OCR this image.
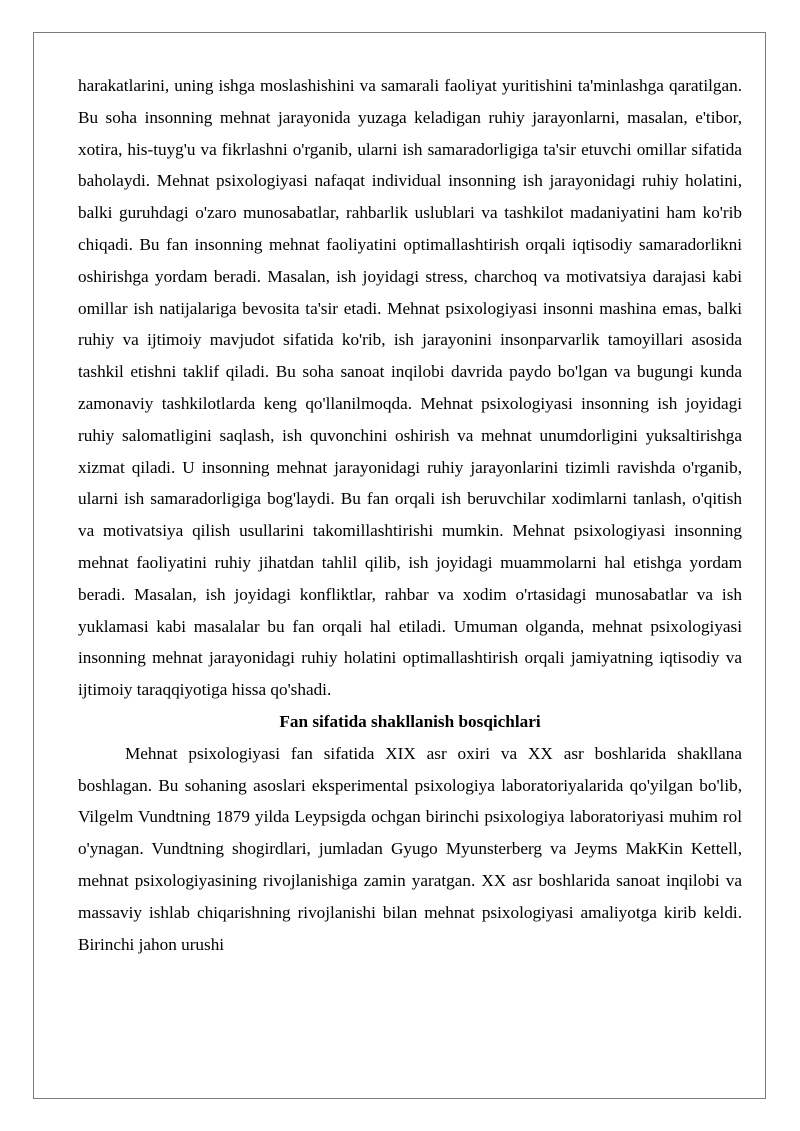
harakatlarini, uning ishga moslashishini va samarali faoliyat yuritishini ta'minlashga qaratilgan. Bu soha insonning mehnat jarayonida yuzaga keladigan ruhiy jarayonlarni, masalan, e'tibor, xotira, his-tuyg'u va fikrlashni o'rganib, ularni ish samaradorligiga ta'sir etuvchi omillar sifatida baholaydi. Mehnat psixologiyasi nafaqat individual insonning ish jarayonidagi ruhiy holatini, balki guruhdagi o'zaro munosabatlar, rahbarlik uslublari va tashkilot madaniyatini ham ko'rib chiqadi. Bu fan insonning mehnat faoliyatini optimallashtirish orqali iqtisodiy samaradorlikni oshirishga yordam beradi. Masalan, ish joyidagi stress, charchoq va motivatsiya darajasi kabi omillar ish natijalariga bevosita ta'sir etadi. Mehnat psixologiyasi insonni mashina emas, balki ruhiy va ijtimoiy mavjudot sifatida ko'rib, ish jarayonini insonparvarlik tamoyillari asosida tashkil etishni taklif qiladi. Bu soha sanoat inqilobi davrida paydo bo'lgan va bugungi kunda zamonaviy tashkilotlarda keng qo'llanilmoqda. Mehnat psixologiyasi insonning ish joyidagi ruhiy salomatligini saqlash, ish quvonchini oshirish va mehnat unumdorligini yuksaltirishga xizmat qiladi. U insonning mehnat jarayonidagi ruhiy jarayonlarini tizimli ravishda o'rganib, ularni ish samaradorligiga bog'laydi. Bu fan orqali ish beruvchilar xodimlarni tanlash, o'qitish va motivatsiya qilish usullarini takomillashtirishi mumkin. Mehnat psixologiyasi insonning mehnat faoliyatini ruhiy jihatdan tahlil qilib, ish joyidagi muammolarni hal etishga yordam beradi. Masalan, ish joyidagi konfliktlar, rahbar va xodim o'rtasidagi munosabatlar va ish yuklamasi kabi masalalar bu fan orqali hal etiladi. Umuman olganda, mehnat psixologiyasi insonning mehnat jarayonidagi ruhiy holatini optimallashtirish orqali jamiyatning iqtisodiy va ijtimoiy taraqqiyotiga hissa qo'shadi.

Fan sifatida shakllanish bosqichlari

Mehnat psixologiyasi fan sifatida XIX asr oxiri va XX asr boshlarida shakllana boshlagan. Bu sohaning asoslari eksperimental psixologiya laboratoriyalarida qo'yilgan bo'lib, Vilgelm Vundtning 1879 yilda Leypsigda ochgan birinchi psixologiya laboratoriyasi muhim rol o'ynagan. Vundtning shogirdlari, jumladan Gyugo Myunsterberg va Jeyms MakKin Kettell, mehnat psixologiyasining rivojlanishiga zamin yaratgan. XX asr boshlarida sanoat inqilobi va massaviy ishlab chiqarishning rivojlanishi bilan mehnat psixologiyasi amaliyotga kirib keldi. Birinchi jahon urushi
